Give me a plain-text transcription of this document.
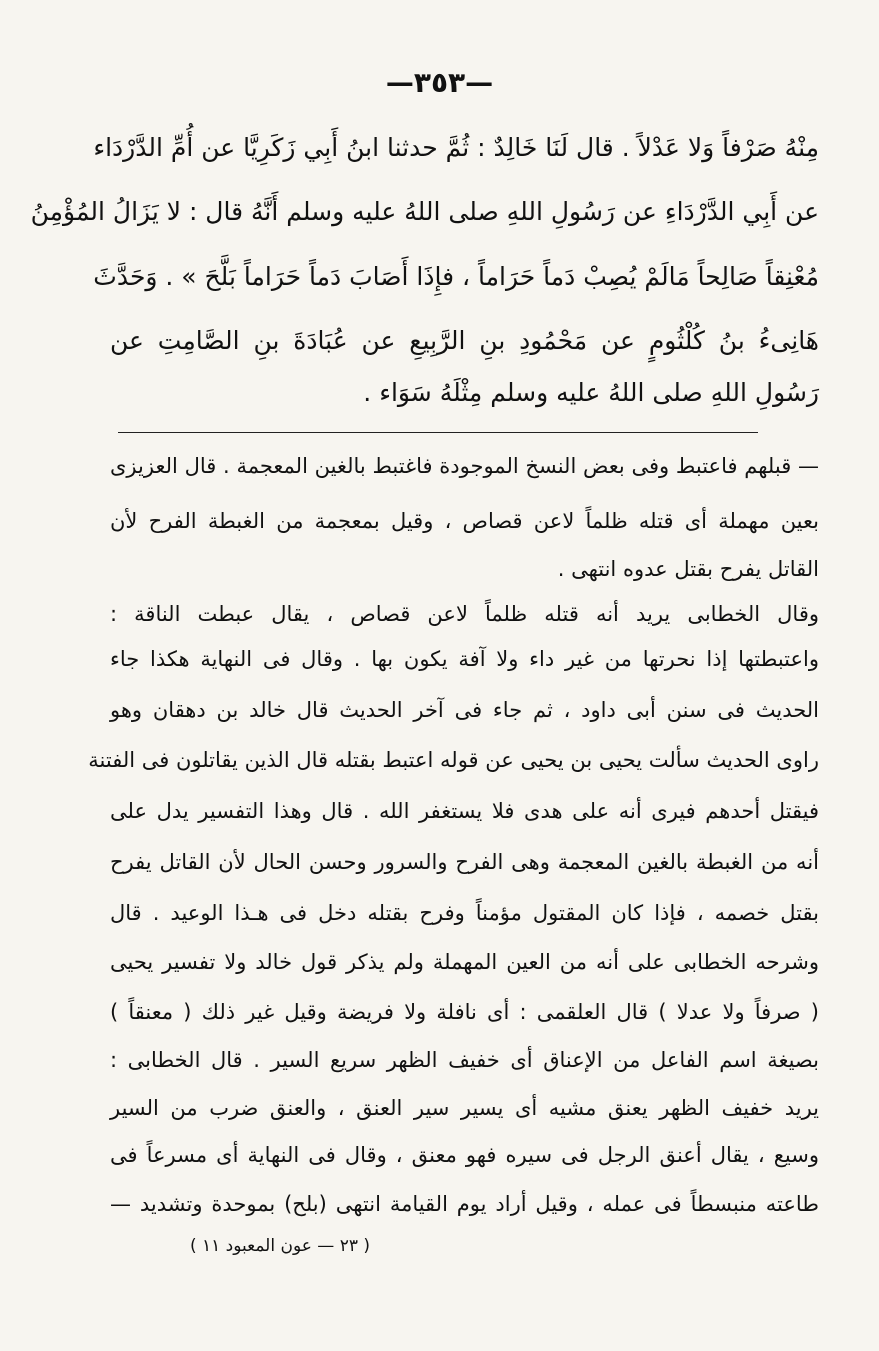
—٣٥٣—
مِنْهُ صَرْفاً وَلا عَدْلاً . قال لَنَا خَالِدٌ : ثُمَّ حدثنا ابنُ أَبِي زَكَرِيَّا عن أُمِّ الدَّرْدَاء
عن أَبِي الدَّرْدَاءِ عن رَسُولِ اللهِ صلى اللهُ عليه وسلم أَنَّهُ قال : لا يَزَالُ المُؤْمِنُ
مُعْنِقاً صَالِحاً مَالَمْ يُصِبْ دَماً حَرَاماً ، فإِذَا أَصَابَ دَماً حَرَاماً بَلَّحَ » . وَحَدَّثَ
هَانِىءُ بنُ كُلْثُومٍ عن مَحْمُودِ بنِ الرَّبِيعِ عن عُبَادَةَ بنِ الصَّامِتِ عن
رَسُولِ اللهِ صلى اللهُ عليه وسلم مِثْلَهُ سَوَاء .
— قبلهم فاعتبط وفى بعض النسخ الموجودة فاغتبط بالغين المعجمة . قال العزيزى
بعين مهملة أى قتله ظلماً لاعن قصاص ، وقيل بمعجمة من الغبطة الفرح لأن
القاتل يفرح بقتل عدوه انتهى .
وقال الخطابى يريد أنه قتله ظلماً لاعن قصاص ، يقال عبطت الناقة :
واعتبطتها إذا نحرتها من غير داء ولا آفة يكون بها . وقال فى النهاية هكذا جاء
الحديث فى سنن أبى داود ، ثم جاء فى آخر الحديث قال خالد بن دهقان وهو
راوى الحديث سألت يحيى بن يحيى عن قوله اعتبط بقتله قال الذين يقاتلون فى الفتنة
فيقتل أحدهم فيرى أنه على هدى فلا يستغفر الله . قال وهذا التفسير يدل على
أنه من الغبطة بالغين المعجمة وهى الفرح والسرور وحسن الحال لأن القاتل يفرح
بقتل خصمه ، فإذا كان المقتول مؤمناً وفرح بقتله دخل فى هـذا الوعيد . قال
وشرحه الخطابى على أنه من العين المهملة ولم يذكر قول خالد ولا تفسير يحيى
( صرفاً ولا عدلا ) قال العلقمى : أى نافلة ولا فريضة وقيل غير ذلك ( معنقاً )
بصيغة اسم الفاعل من الإعناق أى خفيف الظهر سريع السير . قال الخطابى :
يريد خفيف الظهر يعنق مشيه أى يسير سير العنق ، والعنق ضرب من السير
وسيع ، يقال أعنق الرجل فى سيره فهو معنق ، وقال فى النهاية أى مسرعاً فى
طاعته منبسطاً فى عمله ، وقيل أراد يوم القيامة انتهى (بلح) بموحدة وتشديد —
( ٢٣ — عون المعبود ١١ )
